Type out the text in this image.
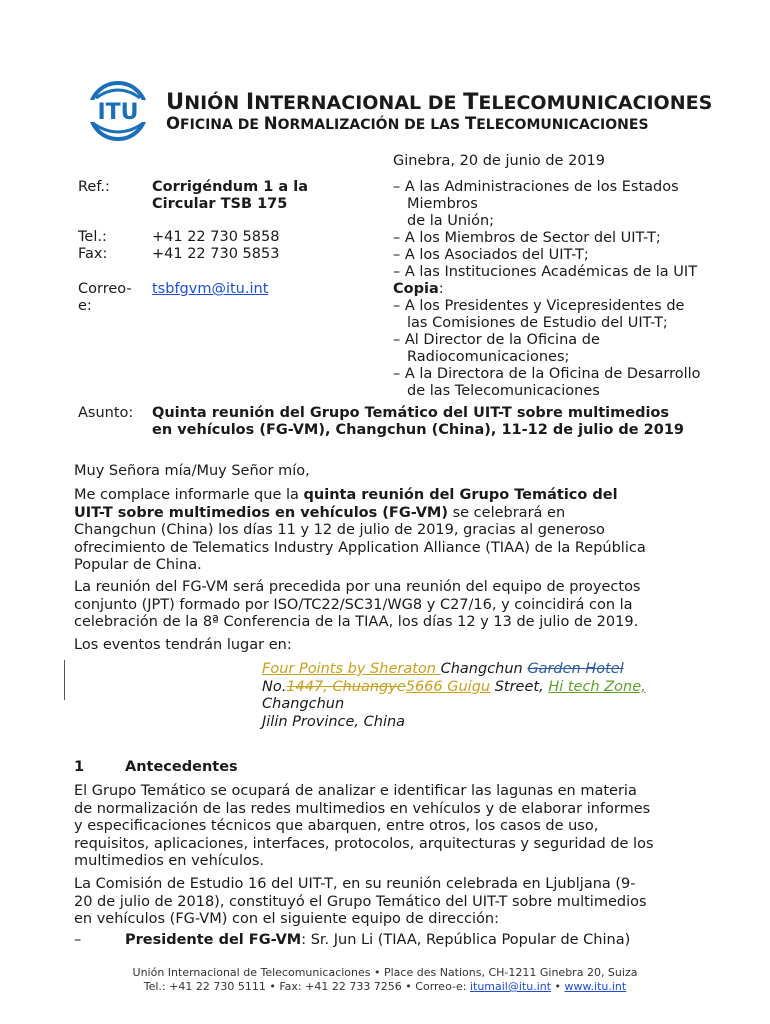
ITU UNIÓN INTERNACIONAL DE TELECOMUNICACIONES
OFICINA DE NORMALIZACIÓN DE LAS TELECOMUNICACIONES
Ginebra, 20 de junio de 2019
Ref.:	Corrigéndum 1 a la
Circular TSB 175
Tel.:	+41 22 730 5858
Fax:	+41 22 730 5853
Correo-
e:
tsbfgvm@itu.int
– A las Administraciones de los Estados
Miembros
de la Unión;
– A los Miembros de Sector del UIT-T;
– A los Asociados del UIT-T;
– A las Instituciones Académicas de la UIT
Copia:
– A los Presidentes y Vicepresidentes de
las Comisiones de Estudio del UIT-T;
– Al Director de la Oficina de
Radiocomunicaciones;
– A la Directora de la Oficina de Desarrollo
de las Telecomunicaciones
Asunto: Quinta reunión del Grupo Temático del UIT-T sobre multimedios
en vehículos (FG-VM), Changchun (China), 11-12 de julio de 2019
Muy Señora mía/Muy Señor mío,
Me complace informarle que la quinta reunión del Grupo Temático del
UIT-T sobre multimedios en vehículos (FG-VM) se celebrará en
Changchun (China) los días 11 y 12 de julio de 2019, gracias al generoso
ofrecimiento de Telematics Industry Application Alliance (TIAA) de la República
Popular de China.
La reunión del FG-VM será precedida por una reunión del equipo de proyectos
conjunto (JPT) formado por ISO/TC22/SC31/WG8 y C27/16, y coincidirá con la
celebración de la 8ª Conferencia de la TIAA, los días 12 y 13 de julio de 2019.
Los eventos tendrán lugar en:
Four Points by Sheraton Changchun Garden Hotel
No.1447, Chuangye5666 Guigu Street, Hi tech Zone,
Changchun
Jilin Province, China
1	Antecedentes
El Grupo Temático se ocupará de analizar e identificar las lagunas en materia
de normalización de las redes multimedios en vehículos y de elaborar informes
y especificaciones técnicos que abarquen, entre otros, los casos de uso,
requisitos, aplicaciones, interfaces, protocolos, arquitecturas y seguridad de los
multimedios en vehículos.
La Comisión de Estudio 16 del UIT-T, en su reunión celebrada en Ljubljana (9-
20 de julio de 2018), constituyó el Grupo Temático del UIT-T sobre multimedios
en vehículos (FG-VM) con el siguiente equipo de dirección:
–	Presidente del FG-VM: Sr. Jun Li (TIAA, República Popular de China)
Unión Internacional de Telecomunicaciones • Place des Nations, CH-1211 Ginebra 20, Suiza
Tel.: +41 22 730 5111 • Fax: +41 22 733 7256 • Correo-e: itumail@itu.int • www.itu.int
